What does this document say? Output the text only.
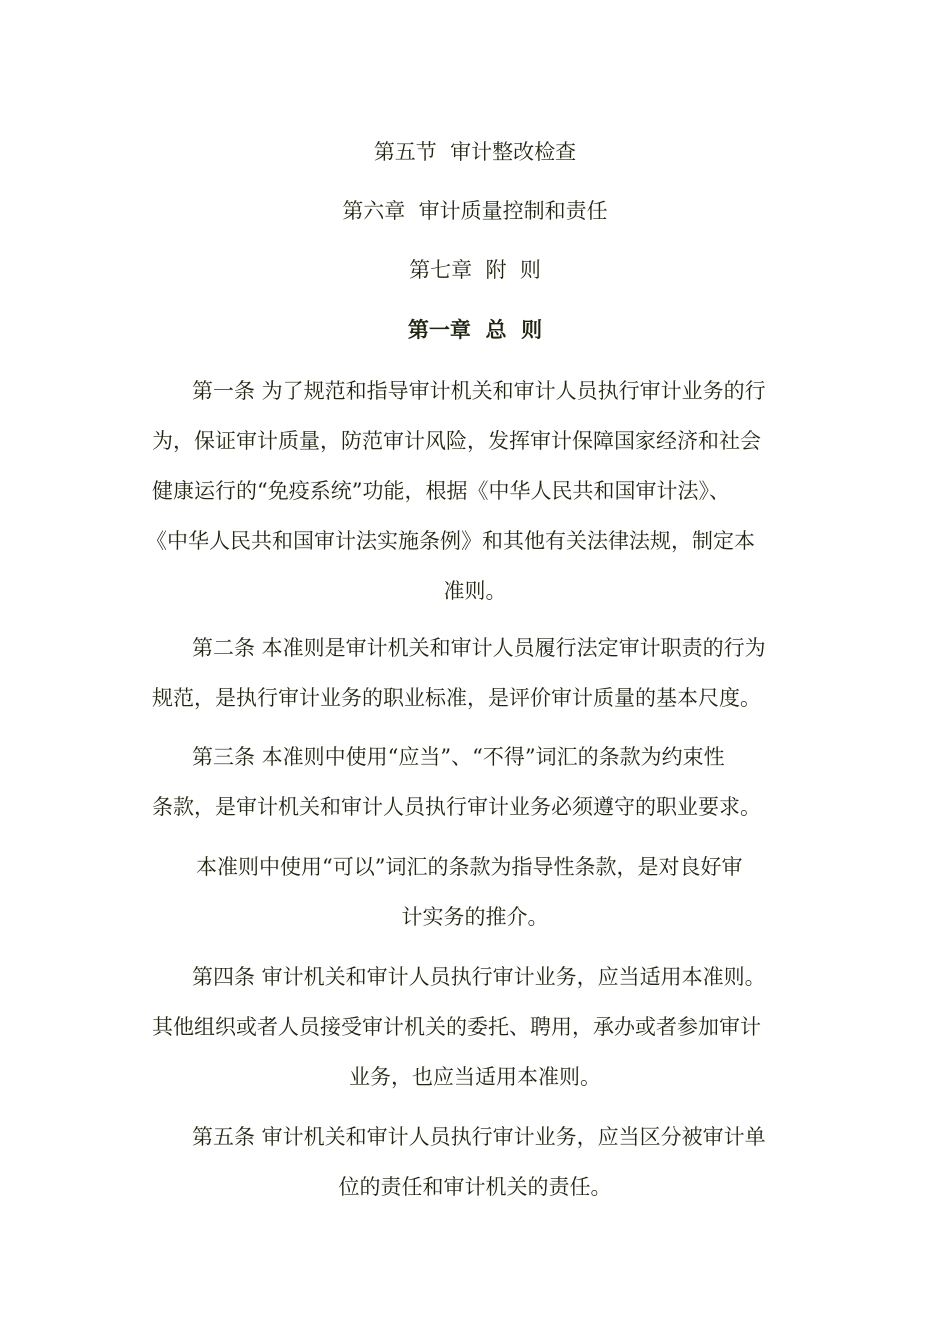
第五节  审计整改检查
第六章  审计质量控制和责任
第七章  附  则
第一章  总  则
第一条 为了规范和指导审计机关和审计人员执行审计业务的行
为，保证审计质量，防范审计风险，发挥审计保障国家经济和社会
健康运行的“免疫系统”功能，根据《中华人民共和国审计法》、
《中华人民共和国审计法实施条例》和其他有关法律法规，制定本
准则。
第二条 本准则是审计机关和审计人员履行法定审计职责的行为
规范，是执行审计业务的职业标准，是评价审计质量的基本尺度。
第三条 本准则中使用“应当”、“不得”词汇的条款为约束性
条款，是审计机关和审计人员执行审计业务必须遵守的职业要求。
本准则中使用“可以”词汇的条款为指导性条款，是对良好审
计实务的推介。
第四条 审计机关和审计人员执行审计业务，应当适用本准则。
其他组织或者人员接受审计机关的委托、聘用，承办或者参加审计
业务，也应当适用本准则。
第五条 审计机关和审计人员执行审计业务，应当区分被审计单
位的责任和审计机关的责任。
